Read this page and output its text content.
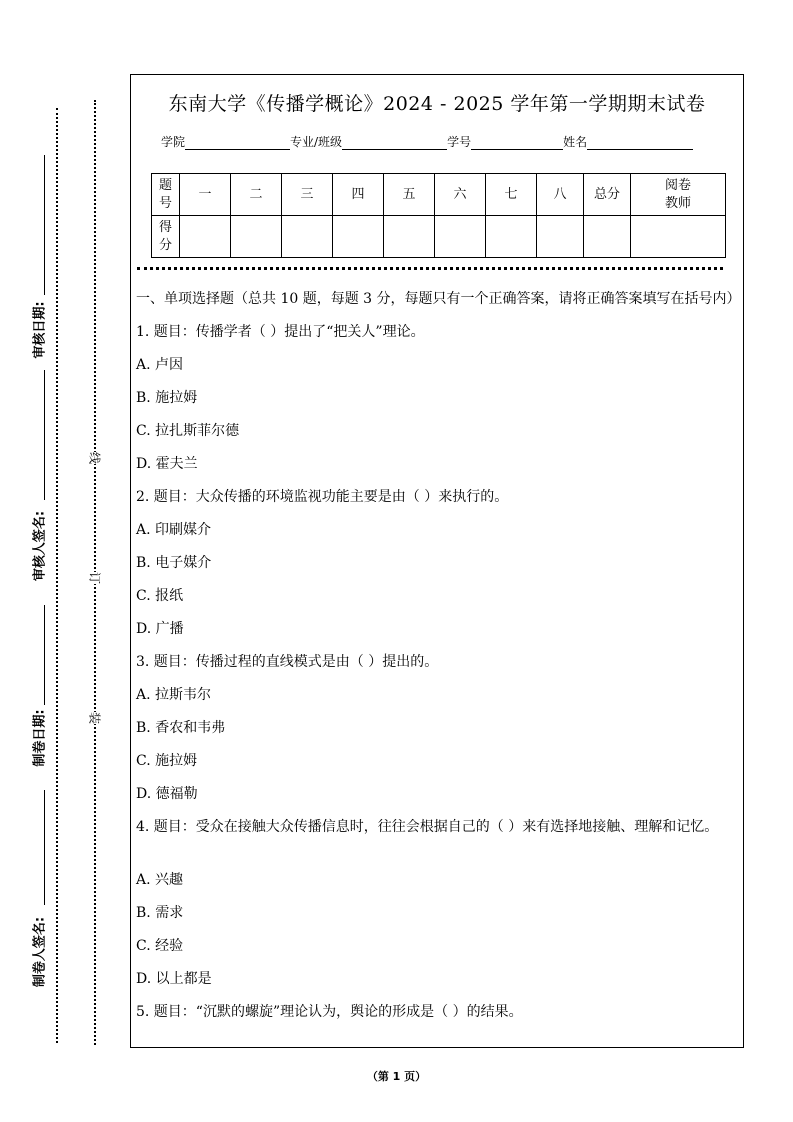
审核日期:
审核人签名:
制卷日期:
制卷人签名:
线
订
装
东南大学《传播学概论》2024 - 2025 学年第一学期期末试卷
学院	专业/班级	学号	姓名
题号	一	二	三	四	五	六	七	八	总分	阅卷教师
得分										

一、单项选择题（总共 10 题，每题 3 分，每题只有一个正确答案，请将正确答案填写在括号内）

1. 题目：传播学者（ ）提出了“把关人”理论。

A. 卢因

B. 施拉姆

C. 拉扎斯菲尔德

D. 霍夫兰

2. 题目：大众传播的环境监视功能主要是由（ ）来执行的。

A. 印刷媒介

B. 电子媒介

C. 报纸

D. 广播

3. 题目：传播过程的直线模式是由（ ）提出的。

A. 拉斯韦尔

B. 香农和韦弗

C. 施拉姆

D. 德福勒

4. 题目：受众在接触大众传播信息时，往往会根据自己的（ ）来有选择地接触、理解和记忆。

A. 兴趣

B. 需求

C. 经验

D. 以上都是

5. 题目：“沉默的螺旋”理论认为，舆论的形成是（ ）的结果。

（第 1 页）
